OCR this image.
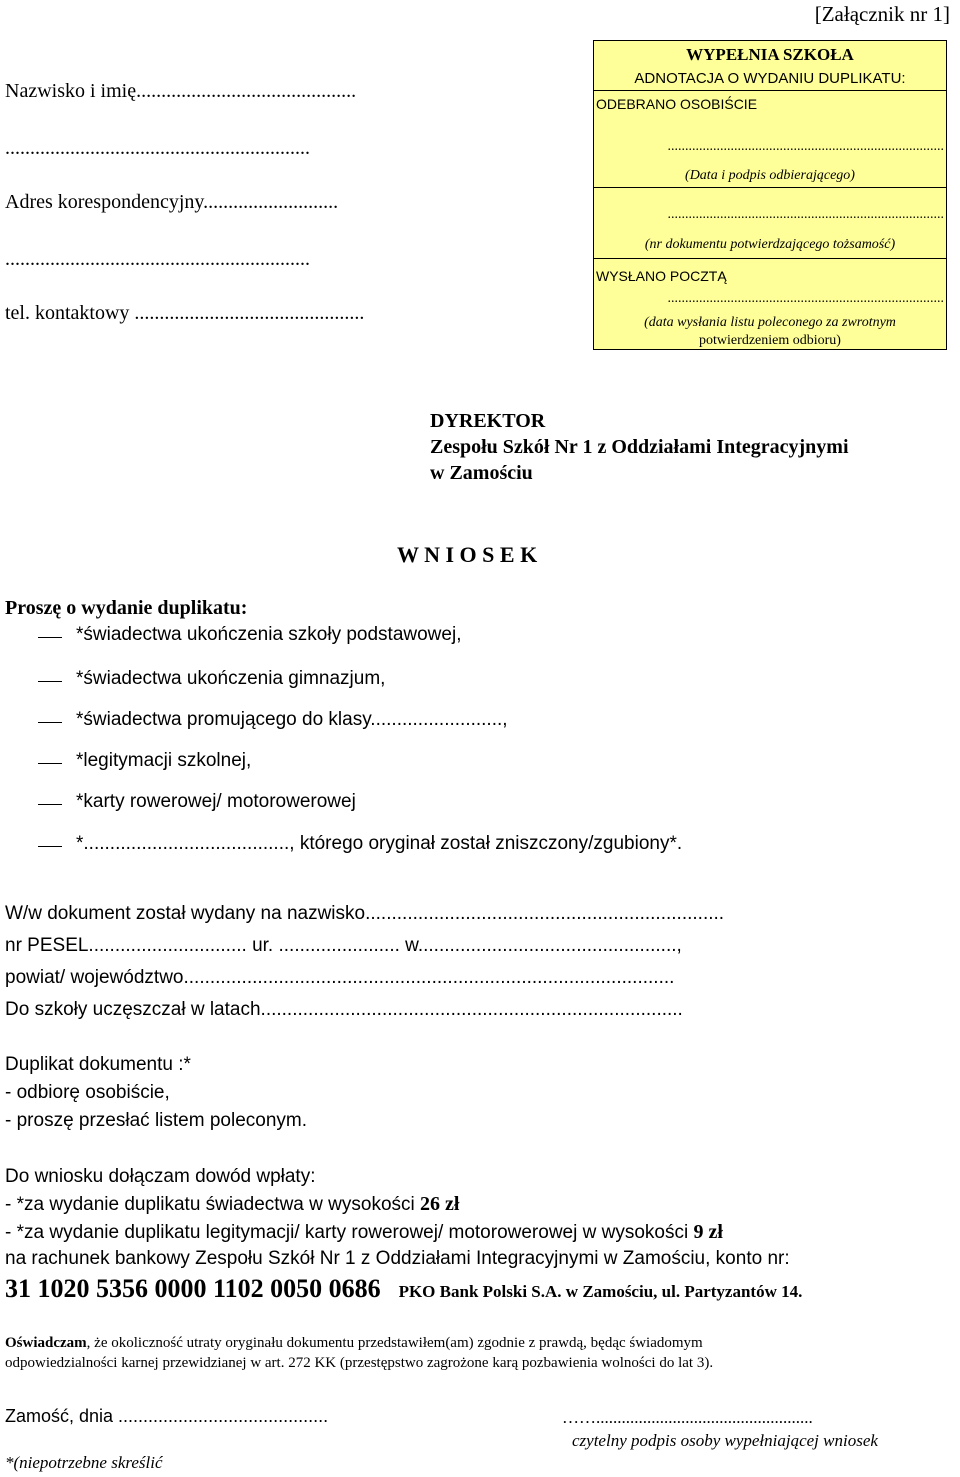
[Załącznik nr 1]
Nazwisko i imię............................................
.............................................................
Adres korespondencyjny...........................
.............................................................
tel. kontaktowy ..............................................
WYPEŁNIA SZKOŁA
ADNOTACJA O WYDANIU DUPLIKATU:
ODEBRANO OSOBIŚCIE
...............................................................................
(Data i podpis odbierającego)
...............................................................................
(nr dokumentu potwierdzającego tożsamość)
WYSŁANO POCZTĄ
...............................................................................
(data wysłania listu poleconego za zwrotnym
potwierdzeniem odbioru)
DYREKTOR
Zespołu Szkół Nr 1 z Oddziałami Integracyjnymi
w Zamościu
W N I O S E K
Proszę o wydanie duplikatu:
*świadectwa ukończenia szkoły podstawowej,
*świadectwa ukończenia gimnazjum,
*świadectwa promującego do klasy.........................,
*legitymacji szkolnej,
*karty rowerowej/ motorowerowej
*......................................., którego oryginał został zniszczony/zgubiony*.
W/w dokument został wydany na nazwisko....................................................................
nr PESEL.............................. ur. ....................... w.................................................,
powiat/ województwo.............................................................................................
Do szkoły uczęszczał w latach................................................................................
Duplikat dokumentu :*
- odbiorę osobiście,
- proszę przesłać listem poleconym.
Do wniosku dołączam dowód wpłaty:
- *za wydanie duplikatu świadectwa w wysokości 26 zł
- *za wydanie duplikatu legitymacji/ karty rowerowej/ motorowerowej w wysokości 9 zł
na rachunek bankowy Zespołu Szkół Nr 1 z Oddziałami Integracyjnymi w Zamościu, konto nr:
31 1020 5356 0000 1102 0050 0686 PKO Bank Polski S.A. w Zamościu, ul. Partyzantów 14.
Oświadczam, że okoliczność utraty oryginału dokumentu przedstawiłem(am) zgodnie z prawdą, będąc świadomym
odpowiedzialności karnej przewidzianej w art. 272 KK (przestępstwo zagrożone karą pozbawienia wolności do lat 3).
Zamość, dnia ..........................................	……...................................................
czytelny podpis osoby wypełniającej wniosek
*(niepotrzebne skreślić
